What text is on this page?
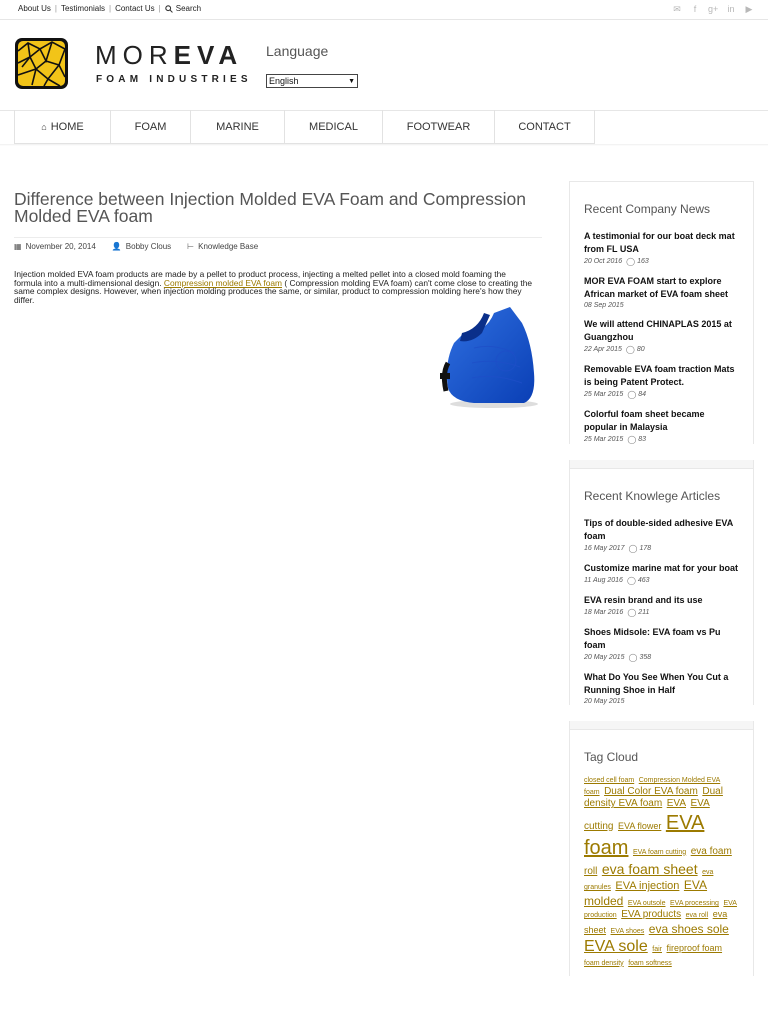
About Us | Testimonials | Contact Us | Search	✉	f	g+ in ▶
MOREVA
FOAM INDUSTRIES
Language
English	▼
⌂ HOME	FOAM	MARINE	MEDICAL	FOOTWEAR	CONTACT
Difference between Injection Molded EVA Foam and Compression Molded EVA foam
▦ November 20, 2014 👤 Bobby Clous ⊢ Knowledge Base
Injection molded EVA foam products are made by a pellet to product process, injecting a melted pellet into a closed mold foaming the formula into a multi-dimensional design. Compression molded EVA foam ( Compression molding EVA foam) can't come close to creating the same complex designs. However, when injection molding produces the same, or similar, product to compression molding here's how they differ.
Recent Company News
A testimonial for our boat deck mat from FL USA
20 Oct 2016 ◯ 163
MOR EVA FOAM start to explore African market of EVA foam sheet
08 Sep 2015
We will attend CHINAPLAS 2015 at Guangzhou
22 Apr 2015 ◯ 80
Removable EVA foam traction Mats is being Patent Protect.
25 Mar 2015 ◯ 84
Colorful foam sheet became popular in Malaysia
25 Mar 2015 ◯ 83
Recent Knowlege Articles
Tips of double-sided adhesive EVA foam
16 May 2017 ◯ 178
Customize marine mat for your boat
11 Aug 2016 ◯ 463
EVA resin brand and its use
18 Mar 2016 ◯ 211
Shoes Midsole: EVA foam vs Pu foam
20 May 2015 ◯ 358
What Do You See When You Cut a Running Shoe in Half
20 May 2015
Tag Cloud
closed cell foam Compression Molded EVA foam Dual Color EVA foam Dual density EVA foam EVA EVA cutting EVA flower EVA foam EVA foam cutting eva foam roll eva foam sheet eva granules EVA injection EVA molded EVA outsole EVA processing EVA production EVA products eva roll eva sheet EVA shoes eva shoes sole EVA sole fair fireproof foam foam density foam softness
